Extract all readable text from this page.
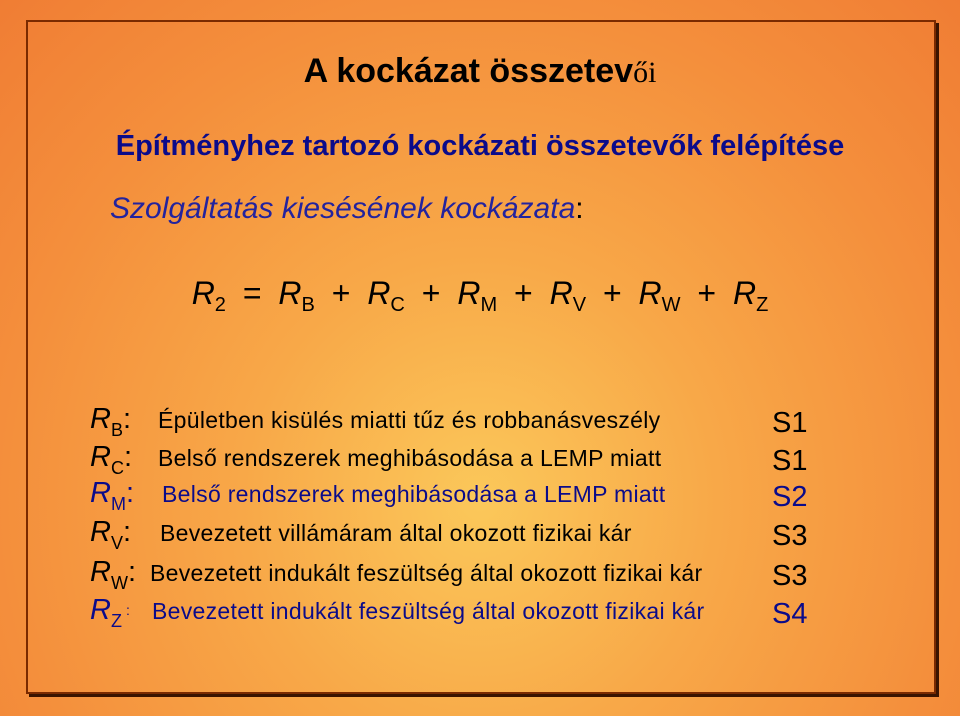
A kockázat összetevői
Építményhez tartozó kockázati összetevők felépítése
Szolgáltatás kiesésének kockázata:
$R_2 = R_B + R_C + R_M + R_V + R_W + R_Z$
$R_B$: Épületben kisülés miatti tűz és robbanásveszély	S1
$R_C$: Belső rendszerek meghibásodása a LEMP miatt	S1
$R_M$: Belső rendszerek meghibásodása a LEMP miatt	S2
$R_V$: Bevezetett villámáram által okozott fizikai kár	S3
$R_W$: Bevezetett indukált feszültség által okozott fizikai kár S3
$R_Z$: Bevezetett indukált feszültség által okozott fizikai kár S4
